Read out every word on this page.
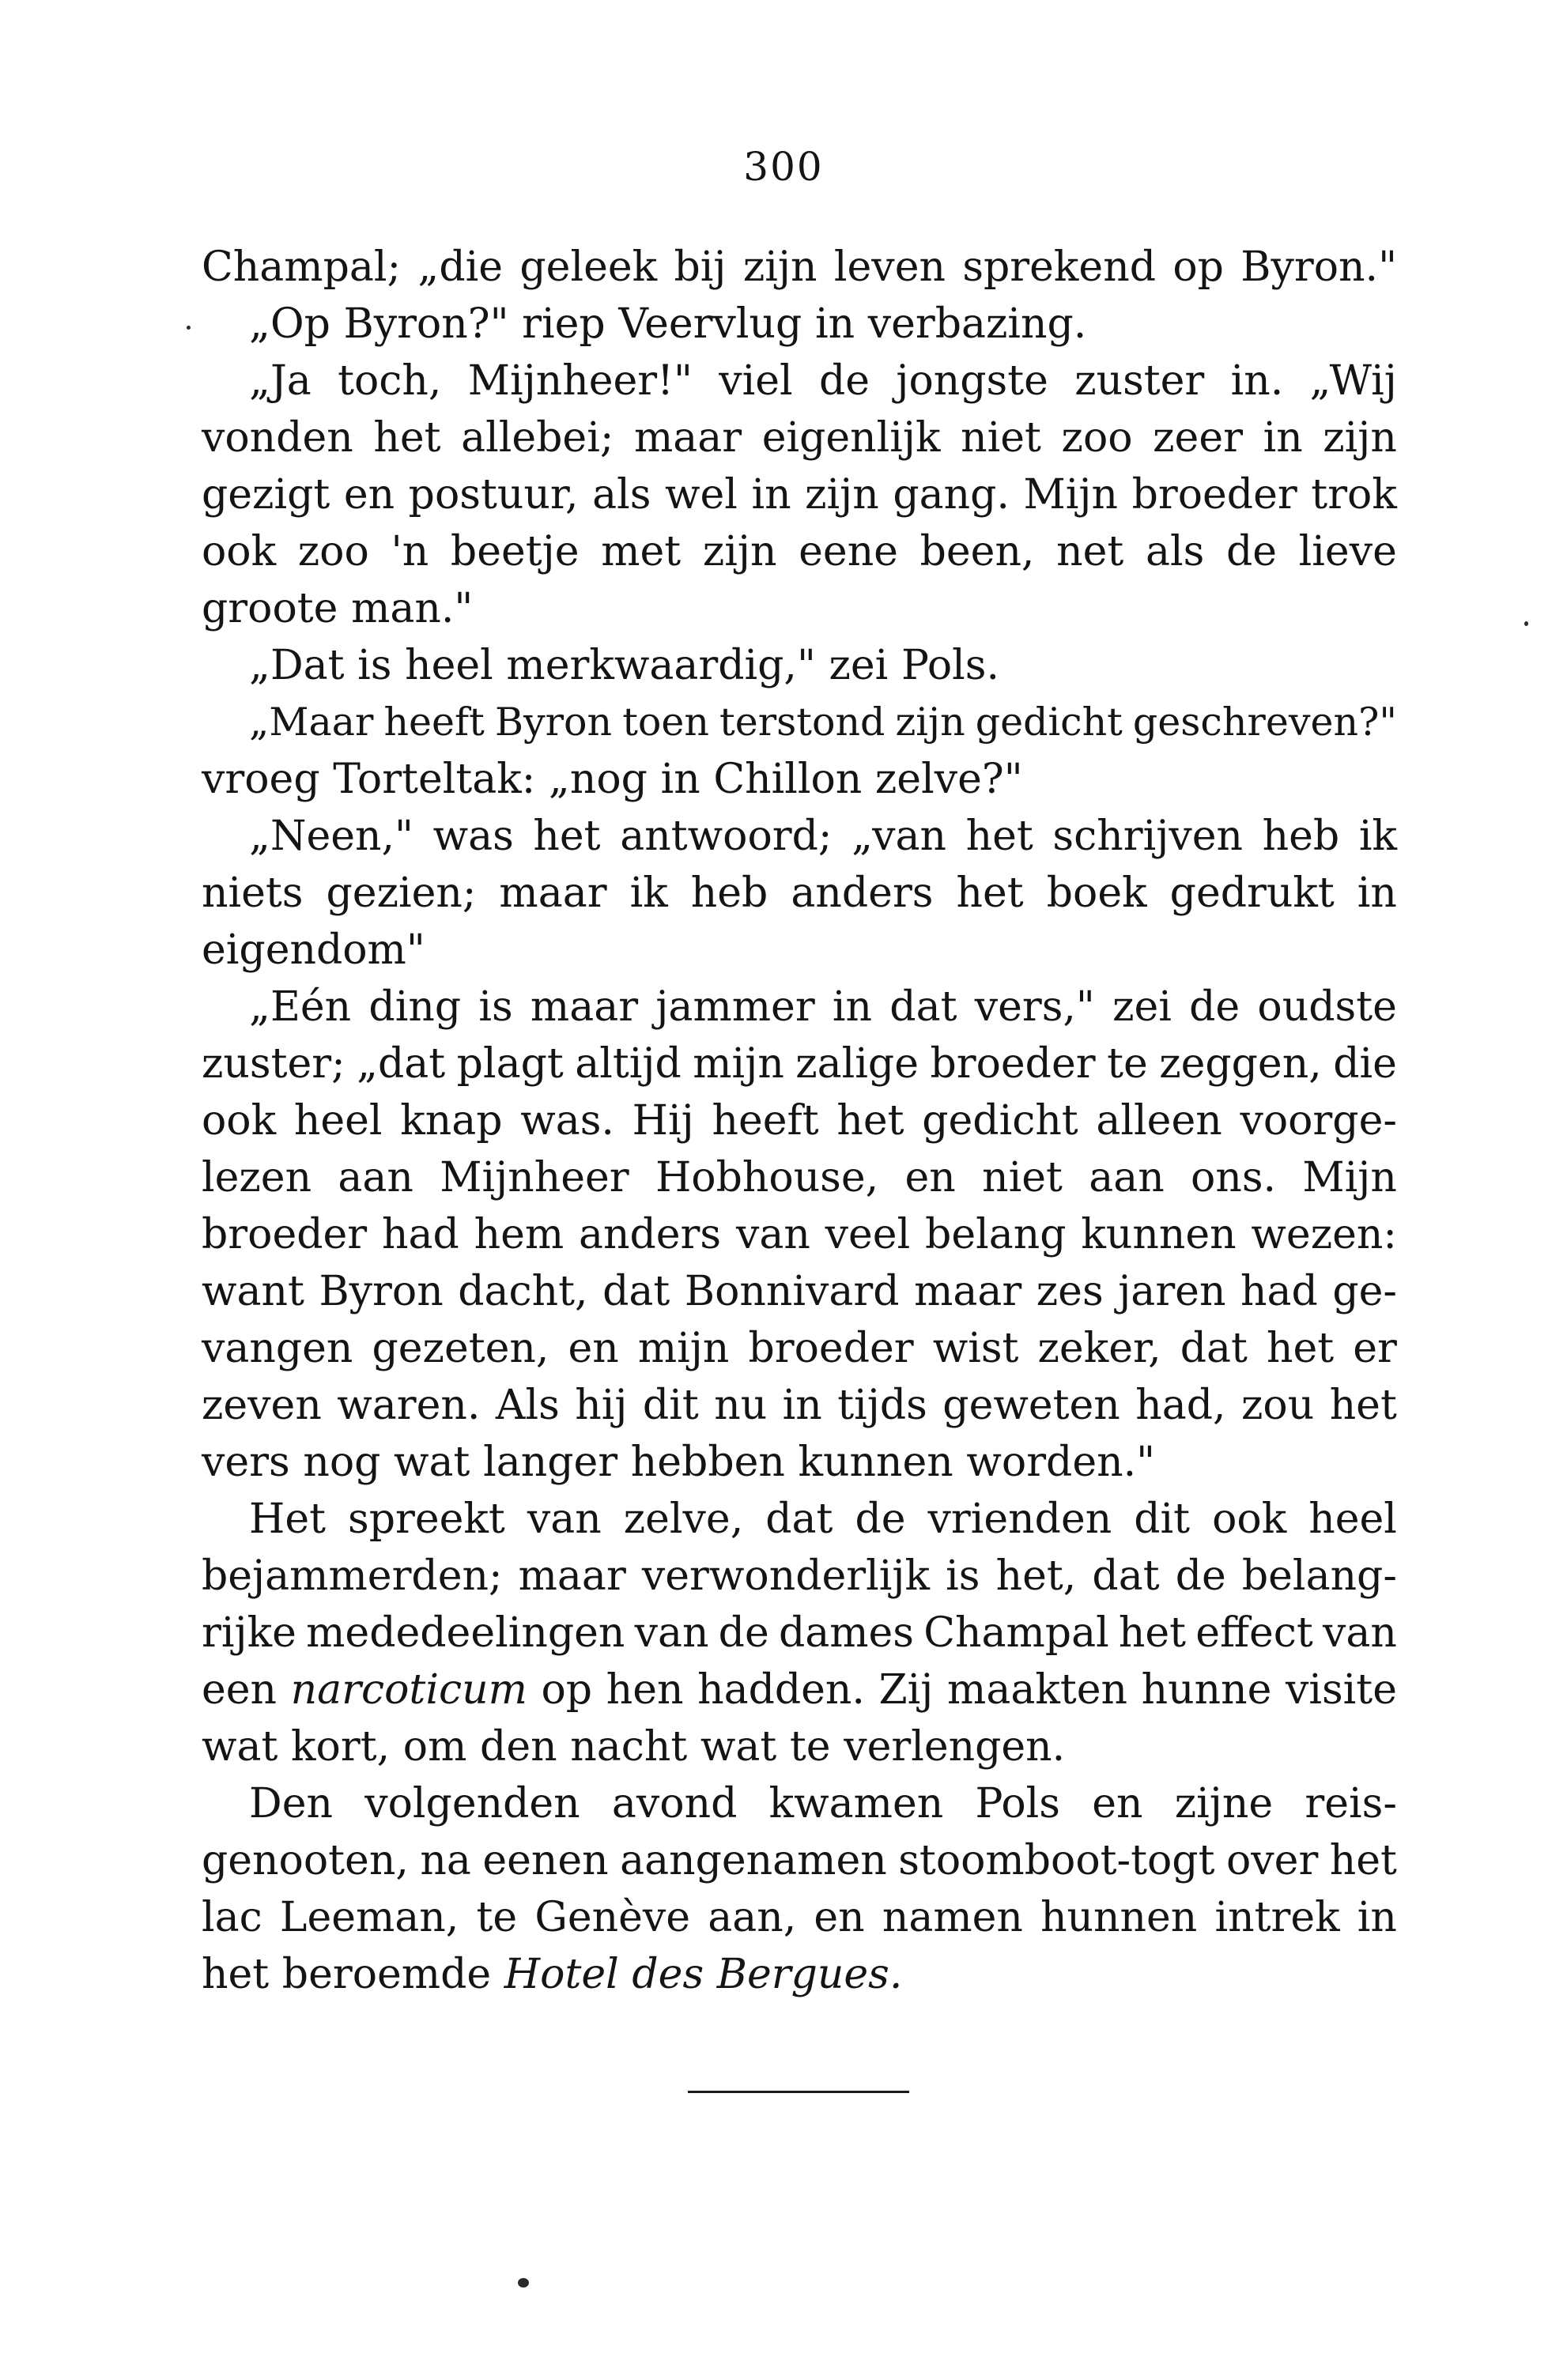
300
Champal; „die geleek bij zijn leven sprekend op Byron."
„Op Byron?" riep Veervlug in verbazing.
„Ja toch, Mijnheer!" viel de jongste zuster in. „Wij
vonden het allebei; maar eigenlijk niet zoo zeer in zijn
gezigt en postuur, als wel in zijn gang. Mijn broeder trok
ook zoo 'n beetje met zijn eene been, net als de lieve
groote man."
„Dat is heel merkwaardig," zei Pols.
„Maar heeft Byron toen terstond zijn gedicht geschreven?"
vroeg Torteltak: „nog in Chillon zelve?"
„Neen," was het antwoord; „van het schrijven heb ik
niets gezien; maar ik heb anders het boek gedrukt in
eigendom"
„Eén ding is maar jammer in dat vers," zei de oudste
zuster; „dat plagt altijd mijn zalige broeder te zeggen, die
ook heel knap was. Hij heeft het gedicht alleen voorge-
lezen aan Mijnheer Hobhouse, en niet aan ons. Mijn
broeder had hem anders van veel belang kunnen wezen:
want Byron dacht, dat Bonnivard maar zes jaren had ge-
vangen gezeten, en mijn broeder wist zeker, dat het er
zeven waren. Als hij dit nu in tijds geweten had, zou het
vers nog wat langer hebben kunnen worden."
Het spreekt van zelve, dat de vrienden dit ook heel
bejammerden; maar verwonderlijk is het, dat de belang-
rijke mededeelingen van de dames Champal het effect van
een narcoticum op hen hadden. Zij maakten hunne visite
wat kort, om den nacht wat te verlengen.
Den volgenden avond kwamen Pols en zijne reis-
genooten, na eenen aangenamen stoomboot-togt over het
lac Leeman, te Genève aan, en namen hunnen intrek in
het beroemde Hotel des Bergues.
